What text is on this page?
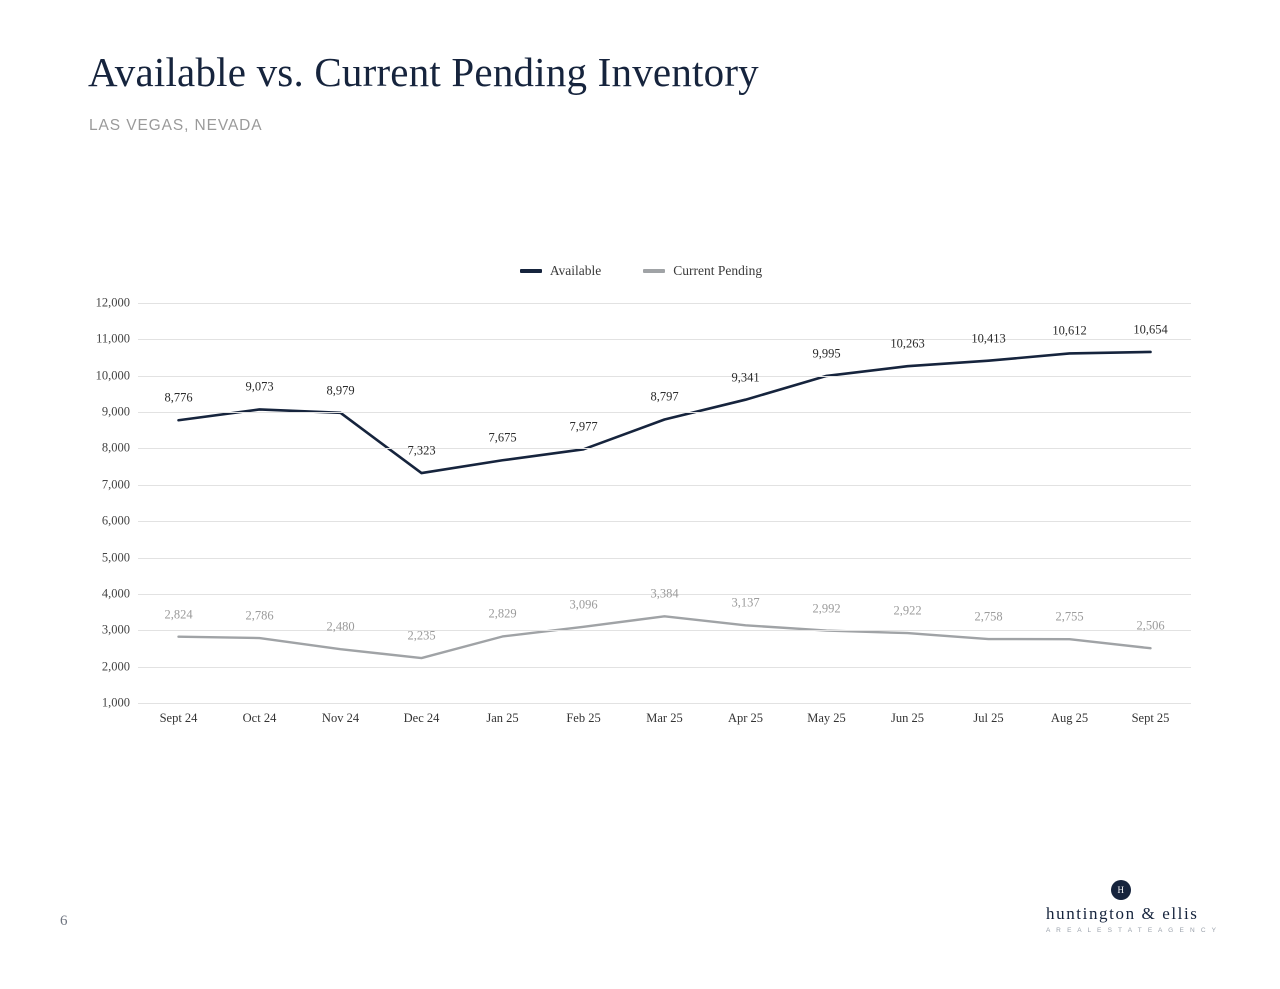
Available vs. Current Pending Inventory
LAS VEGAS, NEVADA
Available	Current Pending
1,000
2,000
3,000
4,000
5,000
6,000
7,000
8,000
9,000
10,000
11,000
12,000
Sept 24	Oct 24	Nov 24	Dec 24	Jan 25	Feb 25	Mar 25	Apr 25	May 25	Jun 25	Jul 25	Aug 25	Sept 25
8,776
9,073	8,979
7,323
7,675
7,977
8,797
9,341
9,995
10,263	10,413
10,612	10,654
2,824	2,786
2,480
2,235
2,829
3,096
3,384
3,137	2,992	2,922	2,758	2,755
2,506
6
H
huntington & ellis
A R E A L E S T A T E A G E N C Y
